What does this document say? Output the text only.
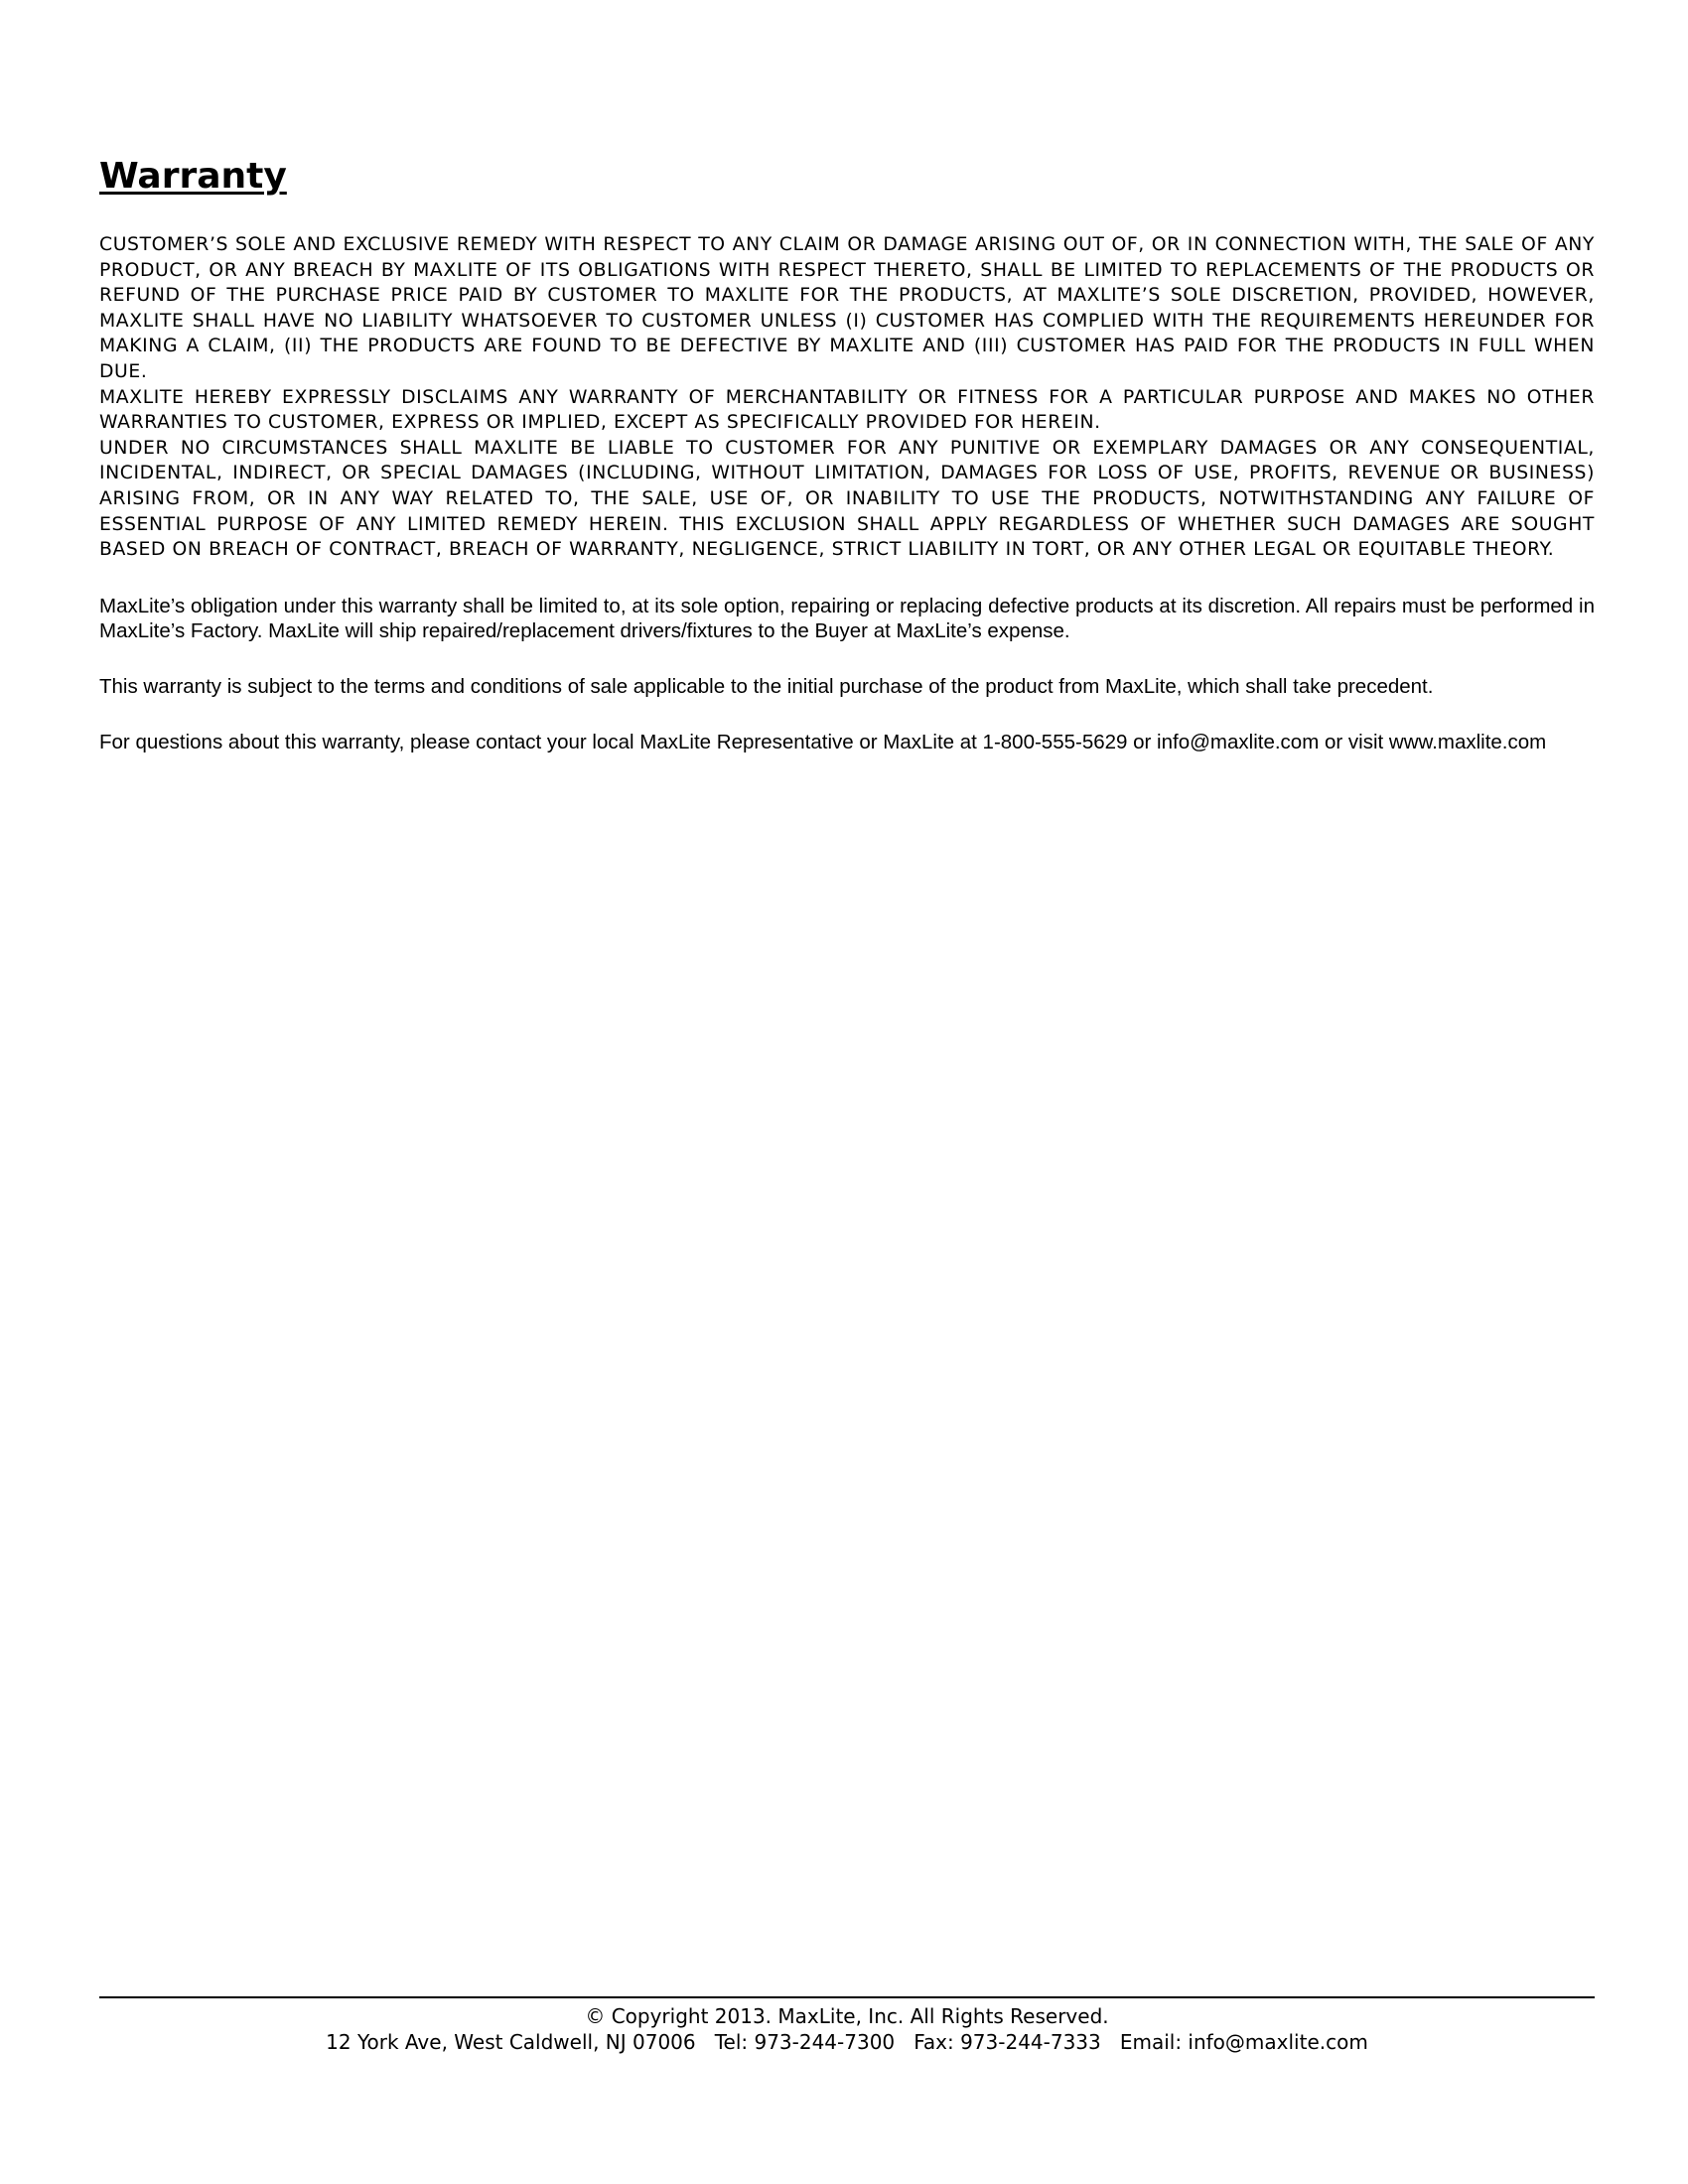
Warranty

CUSTOMER’S SOLE AND EXCLUSIVE REMEDY WITH RESPECT TO ANY CLAIM OR DAMAGE ARISING OUT OF, OR IN CONNECTION WITH, THE SALE OF ANY PRODUCT, OR ANY BREACH BY MAXLITE OF ITS OBLIGATIONS WITH RESPECT THERETO, SHALL BE LIMITED TO REPLACEMENTS OF THE PRODUCTS OR REFUND OF THE PURCHASE PRICE PAID BY CUSTOMER TO MAXLITE FOR THE PRODUCTS, AT MAXLITE’S SOLE DISCRETION, PROVIDED, HOWEVER, MAXLITE SHALL HAVE NO LIABILITY WHATSOEVER TO CUSTOMER UNLESS (I) CUSTOMER HAS COMPLIED WITH THE REQUIREMENTS HEREUNDER FOR MAKING A CLAIM, (II) THE PRODUCTS ARE FOUND TO BE DEFECTIVE BY MAXLITE AND (III) CUSTOMER HAS PAID FOR THE PRODUCTS IN FULL WHEN DUE.

MAXLITE HEREBY EXPRESSLY DISCLAIMS ANY WARRANTY OF MERCHANTABILITY OR FITNESS FOR A PARTICULAR PURPOSE AND MAKES NO OTHER WARRANTIES TO CUSTOMER, EXPRESS OR IMPLIED, EXCEPT AS SPECIFICALLY PROVIDED FOR HEREIN.

UNDER NO CIRCUMSTANCES SHALL MAXLITE BE LIABLE TO CUSTOMER FOR ANY PUNITIVE OR EXEMPLARY DAMAGES OR ANY CONSEQUENTIAL, INCIDENTAL, INDIRECT, OR SPECIAL DAMAGES (INCLUDING, WITHOUT LIMITATION, DAMAGES FOR LOSS OF USE, PROFITS, REVENUE OR BUSINESS) ARISING FROM, OR IN ANY WAY RELATED TO, THE SALE, USE OF, OR INABILITY TO USE THE PRODUCTS, NOTWITHSTANDING ANY FAILURE OF ESSENTIAL PURPOSE OF ANY LIMITED REMEDY HEREIN. THIS EXCLUSION SHALL APPLY REGARDLESS OF WHETHER SUCH DAMAGES ARE SOUGHT BASED ON BREACH OF CONTRACT, BREACH OF WARRANTY, NEGLIGENCE, STRICT LIABILITY IN TORT, OR ANY OTHER LEGAL OR EQUITABLE THEORY.

MaxLite’s obligation under this warranty shall be limited to, at its sole option, repairing or replacing defective products at its discretion. All repairs must be performed in MaxLite’s Factory. MaxLite will ship repaired/replacement drivers/fixtures to the Buyer at MaxLite’s expense.

This warranty is subject to the terms and conditions of sale applicable to the initial purchase of the product from MaxLite, which shall take precedent.

For questions about this warranty, please contact your local MaxLite Representative or MaxLite at 1-800-555-5629 or info@maxlite.com or visit www.maxlite.com

© Copyright 2013. MaxLite, Inc. All Rights Reserved.
12 York Ave, West Caldwell, NJ 07006   Tel: 973-244-7300   Fax: 973-244-7333   Email: info@maxlite.com
